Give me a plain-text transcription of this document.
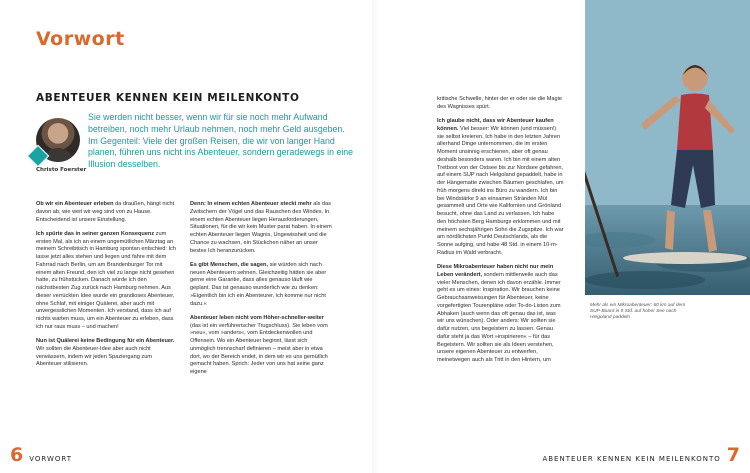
Vorwort
ABENTEUER KENNEN KEIN MEILENKONTO
Christo Foerster
Sie werden nicht besser, wenn wir für sie noch mehr Aufwand betreiben, noch mehr Urlaub nehmen, noch mehr Geld ausgeben. Im Gegenteil: Viele der großen Reisen, die wir von langer Hand planen, führen uns nicht ins Abenteuer, sondern geradewegs in eine Illusion desselben.

Ob wir ein Abenteuer erleben da draußen, hängt nicht davon ab, wie weit wir weg sind von zu Hause. Entscheidend ist unsere Einstellung.

Ich spürte das in seiner ganzen Konsequenz zum ersten Mal, als ich an einem ungemütlichen Märztag an meinem Schreibtisch in Hamburg spontan entschied: Ich lasse jetzt alles stehen und liegen und fahre mit dem Fahrrad nach Berlin, um am Brandenburger Tor mit einem alten Freund, den ich viel zu lange nicht gesehen hatte, zu frühstücken. Danach würde ich den nächstbesten Zug zurück nach Hamburg nehmen. Aus dieser verrückten Idee wurde ein grandioses Abenteuer, ohne Schlaf, mit einiger Quälerei, aber auch mit unvergesslichen Momenten. Ich verstand, dass ich auf nichts warten muss, um ein Abenteuer zu erleben, dass ich nur raus muss – und machen!

Nun ist Quälerei keine Bedingung für ein Abenteuer. Wir sollten die Abenteuer-Idee aber auch nicht verwässern, indem wir jeden Spaziergang zum Abenteuer stilisieren.

Denn: In einem echten Abenteuer steckt mehr als das Zwitschern der Vögel und das Rauschen des Windes. In einem echten Abenteuer liegen Herausforderungen, Situationen, für die wir kein Muster parat haben. In einem echten Abenteuer liegen Wagnis, Ungewissheit und die Chance zu wachsen, ein Stückchen näher an unser bestes Ich heranzurücken.

Es gibt Menschen, die sagen, sie würden sich nach neuen Abenteuern sehnen. Gleichzeitig hätten sie aber gerne eine Garantie, dass alles genauso läuft wie geplant. Das ist genauso wunderlich wie zu denken: »Eigentlich bin ich ein Abenteurer, ich komme nur nicht dazu.«

Abenteuer leben nicht vom Höher-schneller-weiter (das ist ein verführerischer Trugschluss). Sie leben vom »neu«, vom »anders«, vom Entdeckenwollen und Offensein. Wo ein Abenteuer beginnt, lässt sich unmöglich trennscharf definieren – meist aber in etwa dort, wo der Bereich endet, in dem wir es uns gemütlich gemacht haben. Sprich: Jeder von uns hat seine ganz eigene

6 VORWORT

kritische Schwelle, hinter der er oder sie die Magie des Wagnisses spürt.

Ich glaube nicht, dass wir Abenteuer kaufen können. Viel besser: Wir können (und müssen!) sie selbst kreieren. Ich habe in den letzten Jahren allerhand Dinge unternommen, die im ersten Moment unsinnig erschienen, aber oft genau deshalb besonders waren. Ich bin mit einem alten Tretboot von der Ostsee bis zur Nordsee gefahren, auf einem SUP nach Helgoland gepaddelt, habe in der Hängematte zwischen Bäumen geschlafen, um früh morgens direkt ins Büro zu wandern. Ich bin bei Windstärke 9 an einsamen Stränden Mül gesammelt und Orte wie Kalifornien und Grönland besucht, ohne das Land zu verlassen. Ich habe den höchsten Berg Hamburgs erklommen und mit meinem sechsjährigen Sohn die Zugspitze. Ich war am nördlichsten Punkt Deutschlands, als die Sonne aufging, und habe 48 Std. in einem 10-m-Radius im Wald verbracht.

Diese Mikroabenteuer haben nicht nur mein Leben verändert, sondern mittlerweile auch das vieler Menschen, denen ich davon erzähle. Immer geht es um eines: Inspiration. Wir brauchen keine Gebrauchsanweisungen für Abenteuer, keine vorgefertigten Tourenpläne oder To-do-Listen zum Abhaken (auch wenn das oft genau das ist, was wir uns wünschen). Oder anders: Wir sollten sie dafür nutzen, uns begeistern zu lassen. Genau dafür steht ja das Wort »inspirieren« – für das Begeistern. Wir sollten sie als Ideen verstehen, unsere eigenen Abenteuer zu entwerfen, meinetwegen auch als Tritt in den Hintern, um

Mehr als ein Mikroabenteuer: 60 km auf dem SUP-Board in 9 Std. auf hoher See nach Helgoland paddeln
ABENTEUER KENNEN KEIN MEILENKONTO 7
